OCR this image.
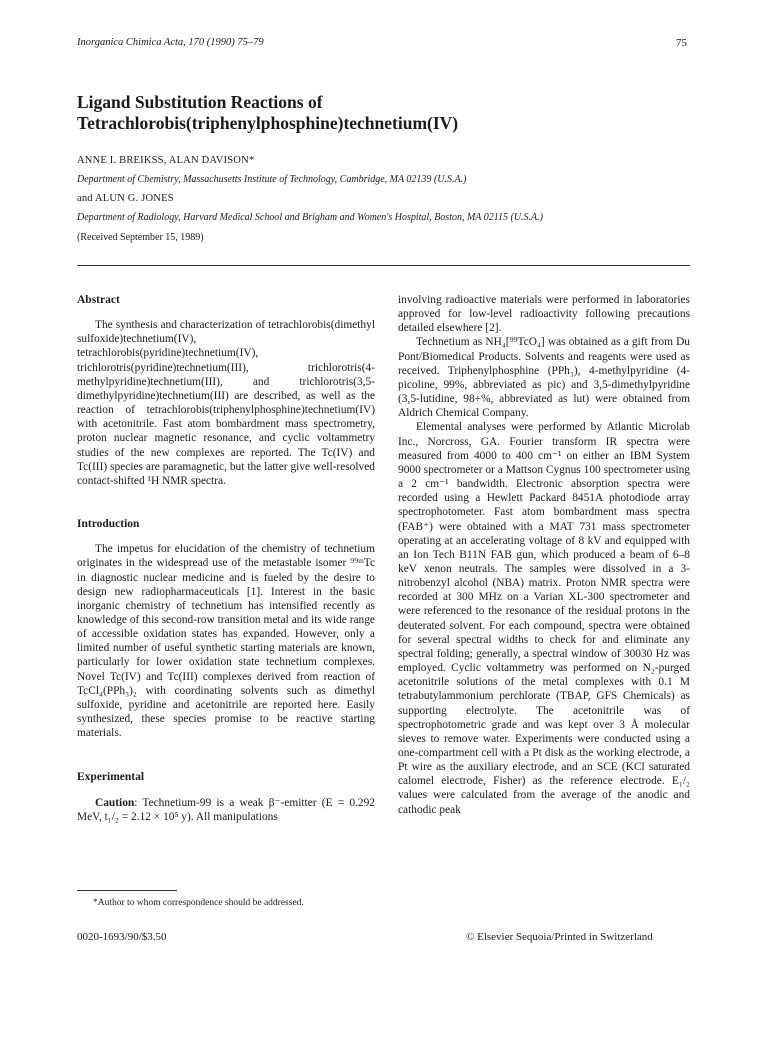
Inorganica Chimica Acta, 170 (1990) 75–79	75
Ligand Substitution Reactions of
Tetrachlorobis(triphenylphosphine)technetium(IV)
ANNE I. BREIKSS, ALAN DAVISON*
Department of Chemistry, Massachusetts Institute of Technology, Cambridge, MA 02139 (U.S.A.)
and ALUN G. JONES
Department of Radiology, Harvard Medical School and Brigham and Women's Hospital, Boston, MA 02115 (U.S.A.)
(Received September 15, 1989)
Abstract

The synthesis and characterization of tetrachlorobis(dimethyl sulfoxide)technetium(IV), tetrachlorobis(pyridine)technetium(IV), trichlorotris(pyridine)technetium(III), trichlorotris(4-methylpyridine)technetium(III), and trichlorotris(3,5-dimethylpyridine)technetium(III) are described, as well as the reaction of tetrachlorobis(triphenylphosphine)technetium(IV) with acetonitrile. Fast atom bombardment mass spectrometry, proton nuclear magnetic resonance, and cyclic voltammetry studies of the new complexes are reported. The Tc(IV) and Tc(III) species are paramagnetic, but the latter give well-resolved contact-shifted ¹H NMR spectra.

Introduction

The impetus for elucidation of the chemistry of technetium originates in the widespread use of the metastable isomer ⁹⁹ᵐTc in diagnostic nuclear medicine and is fueled by the desire to design new radiopharmaceuticals [1]. Interest in the basic inorganic chemistry of technetium has intensified recently as knowledge of this second-row transition metal and its wide range of accessible oxidation states has expanded. However, only a limited number of useful synthetic starting materials are known, particularly for lower oxidation state technetium complexes. Novel Tc(IV) and Tc(III) complexes derived from reaction of TcCl₄(PPh₃)₂ with coordinating solvents such as dimethyl sulfoxide, pyridine and acetonitrile are reported here. Easily synthesized, these species promise to be reactive starting materials.

Experimental

Caution: Technetium-99 is a weak β⁻-emitter (E = 0.292 MeV, t₁/₂ = 2.12 × 10⁵ y). All manipulations

*Author to whom correspondence should be addressed.

involving radioactive materials were performed in laboratories approved for low-level radioactivity following precautions detailed elsewhere [2].

Technetium as NH₄[⁹⁹TcO₄] was obtained as a gift from Du Pont/Biomedical Products. Solvents and reagents were used as received. Triphenylphosphine (PPh₃), 4-methylpyridine (4-picoline, 99%, abbreviated as pic) and 3,5-dimethylpyridine (3,5-lutidine, 98+%, abbreviated as lut) were obtained from Aldrich Chemical Company.

Elemental analyses were performed by Atlantic Microlab Inc., Norcross, GA. Fourier transform IR spectra were measured from 4000 to 400 cm⁻¹ on either an IBM System 9000 spectrometer or a Mattson Cygnus 100 spectrometer using a 2 cm⁻¹ bandwidth. Electronic absorption spectra were recorded using a Hewlett Packard 8451A photodiode array spectrophotometer. Fast atom bombardment mass spectra (FAB⁺) were obtained with a MAT 731 mass spectrometer operating at an accelerating voltage of 8 kV and equipped with an Ion Tech B11N FAB gun, which produced a beam of 6–8 keV xenon neutrals. The samples were dissolved in a 3-nitrobenzyl alcohol (NBA) matrix. Proton NMR spectra were recorded at 300 MHz on a Varian XL-300 spectrometer and were referenced to the resonance of the residual protons in the deuterated solvent. For each compound, spectra were obtained for several spectral widths to check for and eliminate any spectral folding; generally, a spectral window of 30030 Hz was employed. Cyclic voltammetry was performed on N₂-purged acetonitrile solutions of the metal complexes with 0.1 M tetrabutylammonium perchlorate (TBAP, GFS Chemicals) as supporting electrolyte. The acetonitrile was of spectrophotometric grade and was kept over 3 Å molecular sieves to remove water. Experiments were conducted using a one-compartment cell with a Pt disk as the working electrode, a Pt wire as the auxiliary electrode, and an SCE (KCl saturated calomel electrode, Fisher) as the reference electrode. E₁/₂ values were calculated from the average of the anodic and cathodic peak

0020-1693/90/$3.50	© Elsevier Sequoia/Printed in Switzerland
